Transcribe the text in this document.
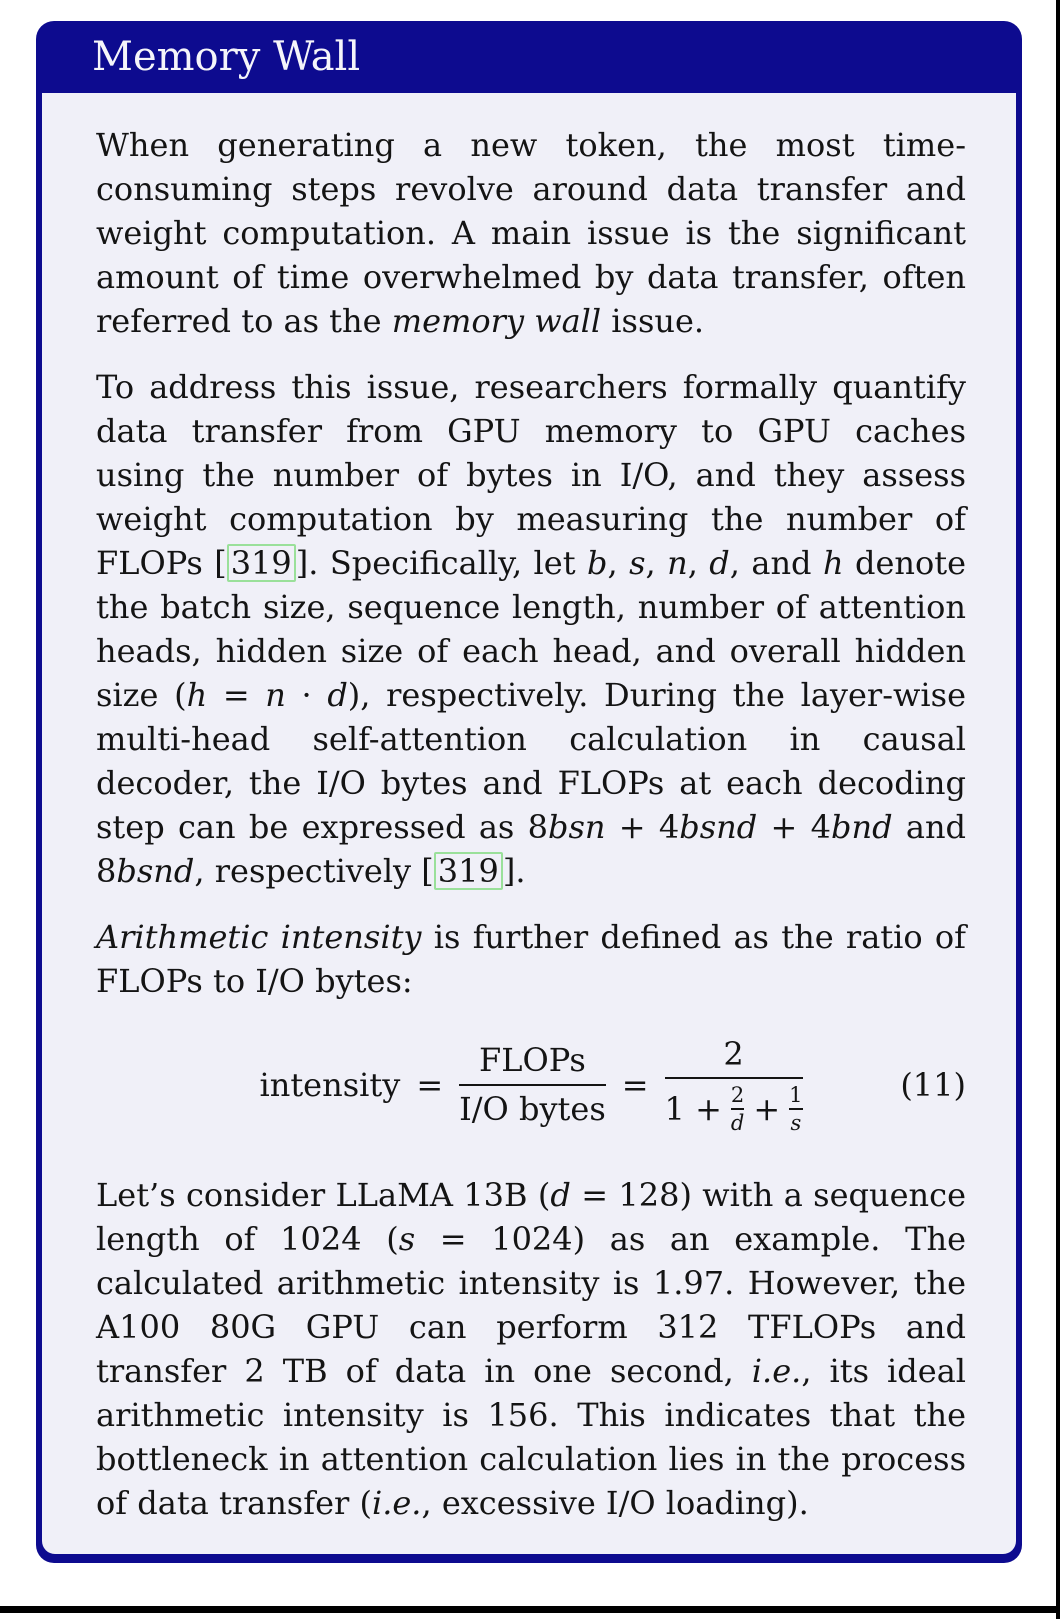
Memory Wall

When generating a new token, the most time-consuming steps revolve around data transfer and weight computation. A main issue is the significant amount of time overwhelmed by data transfer, often referred to as the memory wall issue.

To address this issue, researchers formally quantify data transfer from GPU memory to GPU caches using the number of bytes in I/O, and they assess weight computation by measuring the number of FLOPs [ 319 ]. Specifically, let b, s, n, d, and h denote the batch size, sequence length, number of attention heads, hidden size of each head, and overall hidden size (h = n · d), respectively. During the layer-wise multi-head self-attention calculation in causal decoder, the I/O bytes and FLOPs at each decoding step can be expressed as 8bsn + 4bsnd + 4bnd and 8bsnd, respectively [ 319 ].

Arithmetic intensity is further defined as the ratio of FLOPs to I/O bytes:

intensity = $\frac{\text{FLOPs}}{\text{I/O bytes}}$ =
2
$1 + \frac{2}{d} + \frac{1}{s}$	(11)

Let’s consider LLaMA 13B (d = 128) with a sequence length of 1024 (s = 1024) as an example. The calculated arithmetic intensity is 1.97. However, the A100 80G GPU can perform 312 TFLOPs and transfer 2 TB of data in one second, i.e., its ideal arithmetic intensity is 156. This indicates that the bottleneck in attention calculation lies in the process of data transfer (i.e., excessive I/O loading).
